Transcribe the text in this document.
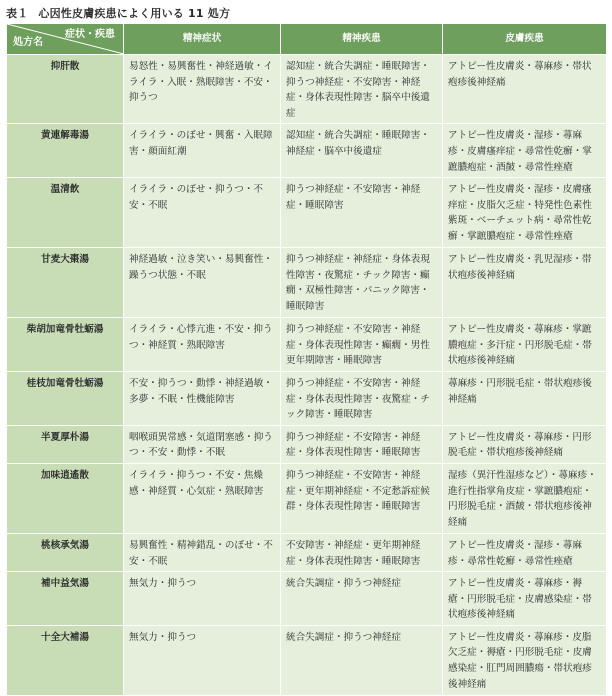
表１ 心因性皮膚疾患によく用いる 11 処方
症状・疾患
処方名	精神症状	精神疾患	皮膚疾患
抑肝散	易怒性・易興奮性・神経過敏・イライラ・入眠・熟眠障害・不安・抑うつ	認知症・統合失調症・睡眠障害・抑うつ神経症・不安障害・神経症・身体表現性障害・脳卒中後遺症	アトピー性皮膚炎・蕁麻疹・帯状疱疹後神経痛
黄連解毒湯	イライラ・のぼせ・興奮・入眠障害・顔面紅潮	認知症・統合失調症・睡眠障害・神経症・脳卒中後遺症	アトピー性皮膚炎・湿疹・蕁麻疹・皮膚瘙痒症・尋常性乾癬・掌蹠膿疱症・酒皶・尋常性痤瘡
温清飲	イライラ・のぼせ・抑うつ・不安・不眠	抑うつ神経症・不安障害・神経症・睡眠障害	アトピー性皮膚炎・湿疹・皮膚瘙痒症・皮脂欠乏症・特発性色素性紫斑・ベーチェット病・尋常性乾癬・掌蹠膿疱症・尋常性痤瘡
甘麦大棗湯	神経過敏・泣き笑い・易興奮性・躁うつ状態・不眠	抑うつ神経症・神経症・身体表現性障害・夜驚症・チック障害・癲癇・双極性障害・パニック障害・睡眠障害	アトピー性皮膚炎・乳児湿疹・帯状疱疹後神経痛
柴胡加竜骨牡蛎湯	イライラ・心悸亢進・不安・抑うつ・神経質・熟眠障害	抑うつ神経症・不安障害・神経症・身体表現性障害・癲癇・男性更年期障害・睡眠障害	アトピー性皮膚炎・蕁麻疹・掌蹠膿疱症・多汗症・円形脱毛症・帯状疱疹後神経痛
桂枝加竜骨牡蛎湯	不安・抑うつ・動悸・神経過敏・多夢・不眠・性機能障害	抑うつ神経症・不安障害・神経症・身体表現性障害・夜驚症・チック障害・睡眠障害	蕁麻疹・円形脱毛症・帯状疱疹後神経痛
半夏厚朴湯	咽喉頭異常感・気道閉塞感・抑うつ・不安・動悸・不眠	抑うつ神経症・不安障害・神経症・身体表現性障害・睡眠障害	アトピー性皮膚炎・蕁麻疹・円形脱毛症・帯状疱疹後神経痛
加味逍遙散	イライラ・抑うつ・不安・焦燥感・神経質・心気症・熟眠障害	抑うつ神経症・不安障害・神経症・更年期神経症・不定愁訴症候群・身体表現性障害・睡眠障害	湿疹（異汗性湿疹など）・蕁麻疹・進行性指掌角皮症・掌蹠膿疱症・円形脱毛症・酒皶・帯状疱疹後神経痛
桃核承気湯	易興奮性・精神錯乱・のぼせ・不安・不眠	不安障害・神経症・更年期神経症・身体表現性障害・睡眠障害	アトピー性皮膚炎・湿疹・蕁麻疹・尋常性乾癬・尋常性痤瘡
補中益気湯	無気力・抑うつ	統合失調症・抑うつ神経症	アトピー性皮膚炎・蕁麻疹・褥瘡・円形脱毛症・皮膚感染症・帯状疱疹後神経痛
十全大補湯	無気力・抑うつ	統合失調症・抑うつ神経症	アトピー性皮膚炎・蕁麻疹・皮脂欠乏症・褥瘡・円形脱毛症・皮膚感染症・肛門周囲膿瘍・帯状疱疹後神経痛
